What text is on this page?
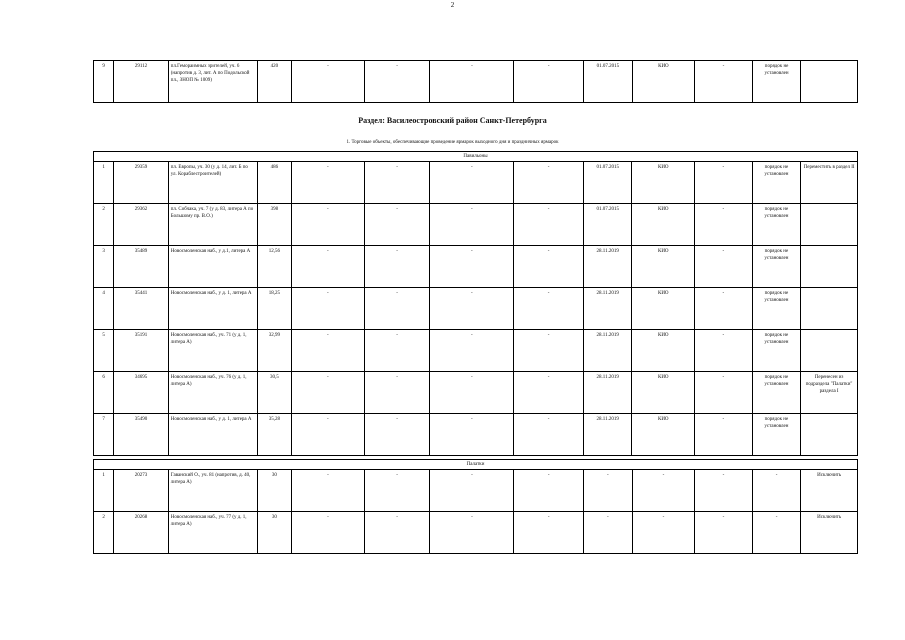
2
9	29112	пл.Гемораимных зрителей, уч. 6 (напротив д. 3, лит. А по Подольской пл., ЗНОП № 1009)	420	-	-	-	-	01.07.2015	КИО	-	порядок не установлен	
Раздел: Василеостровский район Санкт-Петербурга
1. Торговые объекты, обеспечивающие проведение ярмарок выходного дня и праздничных ярмарок
Павильоны												
1	29359	пл. Европы, уч. 30 (у д. 14, лит. Б по ул. Кораблестроителей)	486	-	-	-	-	01.07.2015	КИО	-	порядок не установлен	Переместить в раздел II
2	29362	пл. Собчака, уч. 7 (у д. 83, литера А по Большому пр. В.О.)	398	-	-	-	-	01.07.2015	КИО	-	порядок не установлен	
3	35489	Новосмоленская наб., у д.1, литера А	12,56	-	-	-	-	28.11.2019	КИО	-	порядок не установлен	
4	35441	Новосмоленская наб., у д. 1, литера А	18,25	-	-	-	-	28.11.2019	КИО	-	порядок не установлен	
5	35191	Новосмоленская наб., уч. 71 (у д. 1, литера А)	32,99	-	-	-	-	28.11.2019	КИО	-	порядок не установлен	
6	34695	Новосмоленская наб., уч. 76 (у д. 1, литера А)	30,5	-	-	-	-	28.11.2019	КИО	-	порядок не установлен	Перенесен из подраздела "Палатки" раздела I
7	35490	Новосмоленская наб., у д. 1, литера А	35,28	-	-	-	-	28.11.2019	КИО	-	порядок не установлен	
Палатки												
1	20273	Гаванский О., уч. 81 (напротив, д. 40, литера А)	30	-	-	-	-	-	-	-	-	Исключить
2	20268	Новосмоленская наб., уч. 77 (у д. 1, литера А)	30	-	-	-	-	-	-	-	-	Исключить
